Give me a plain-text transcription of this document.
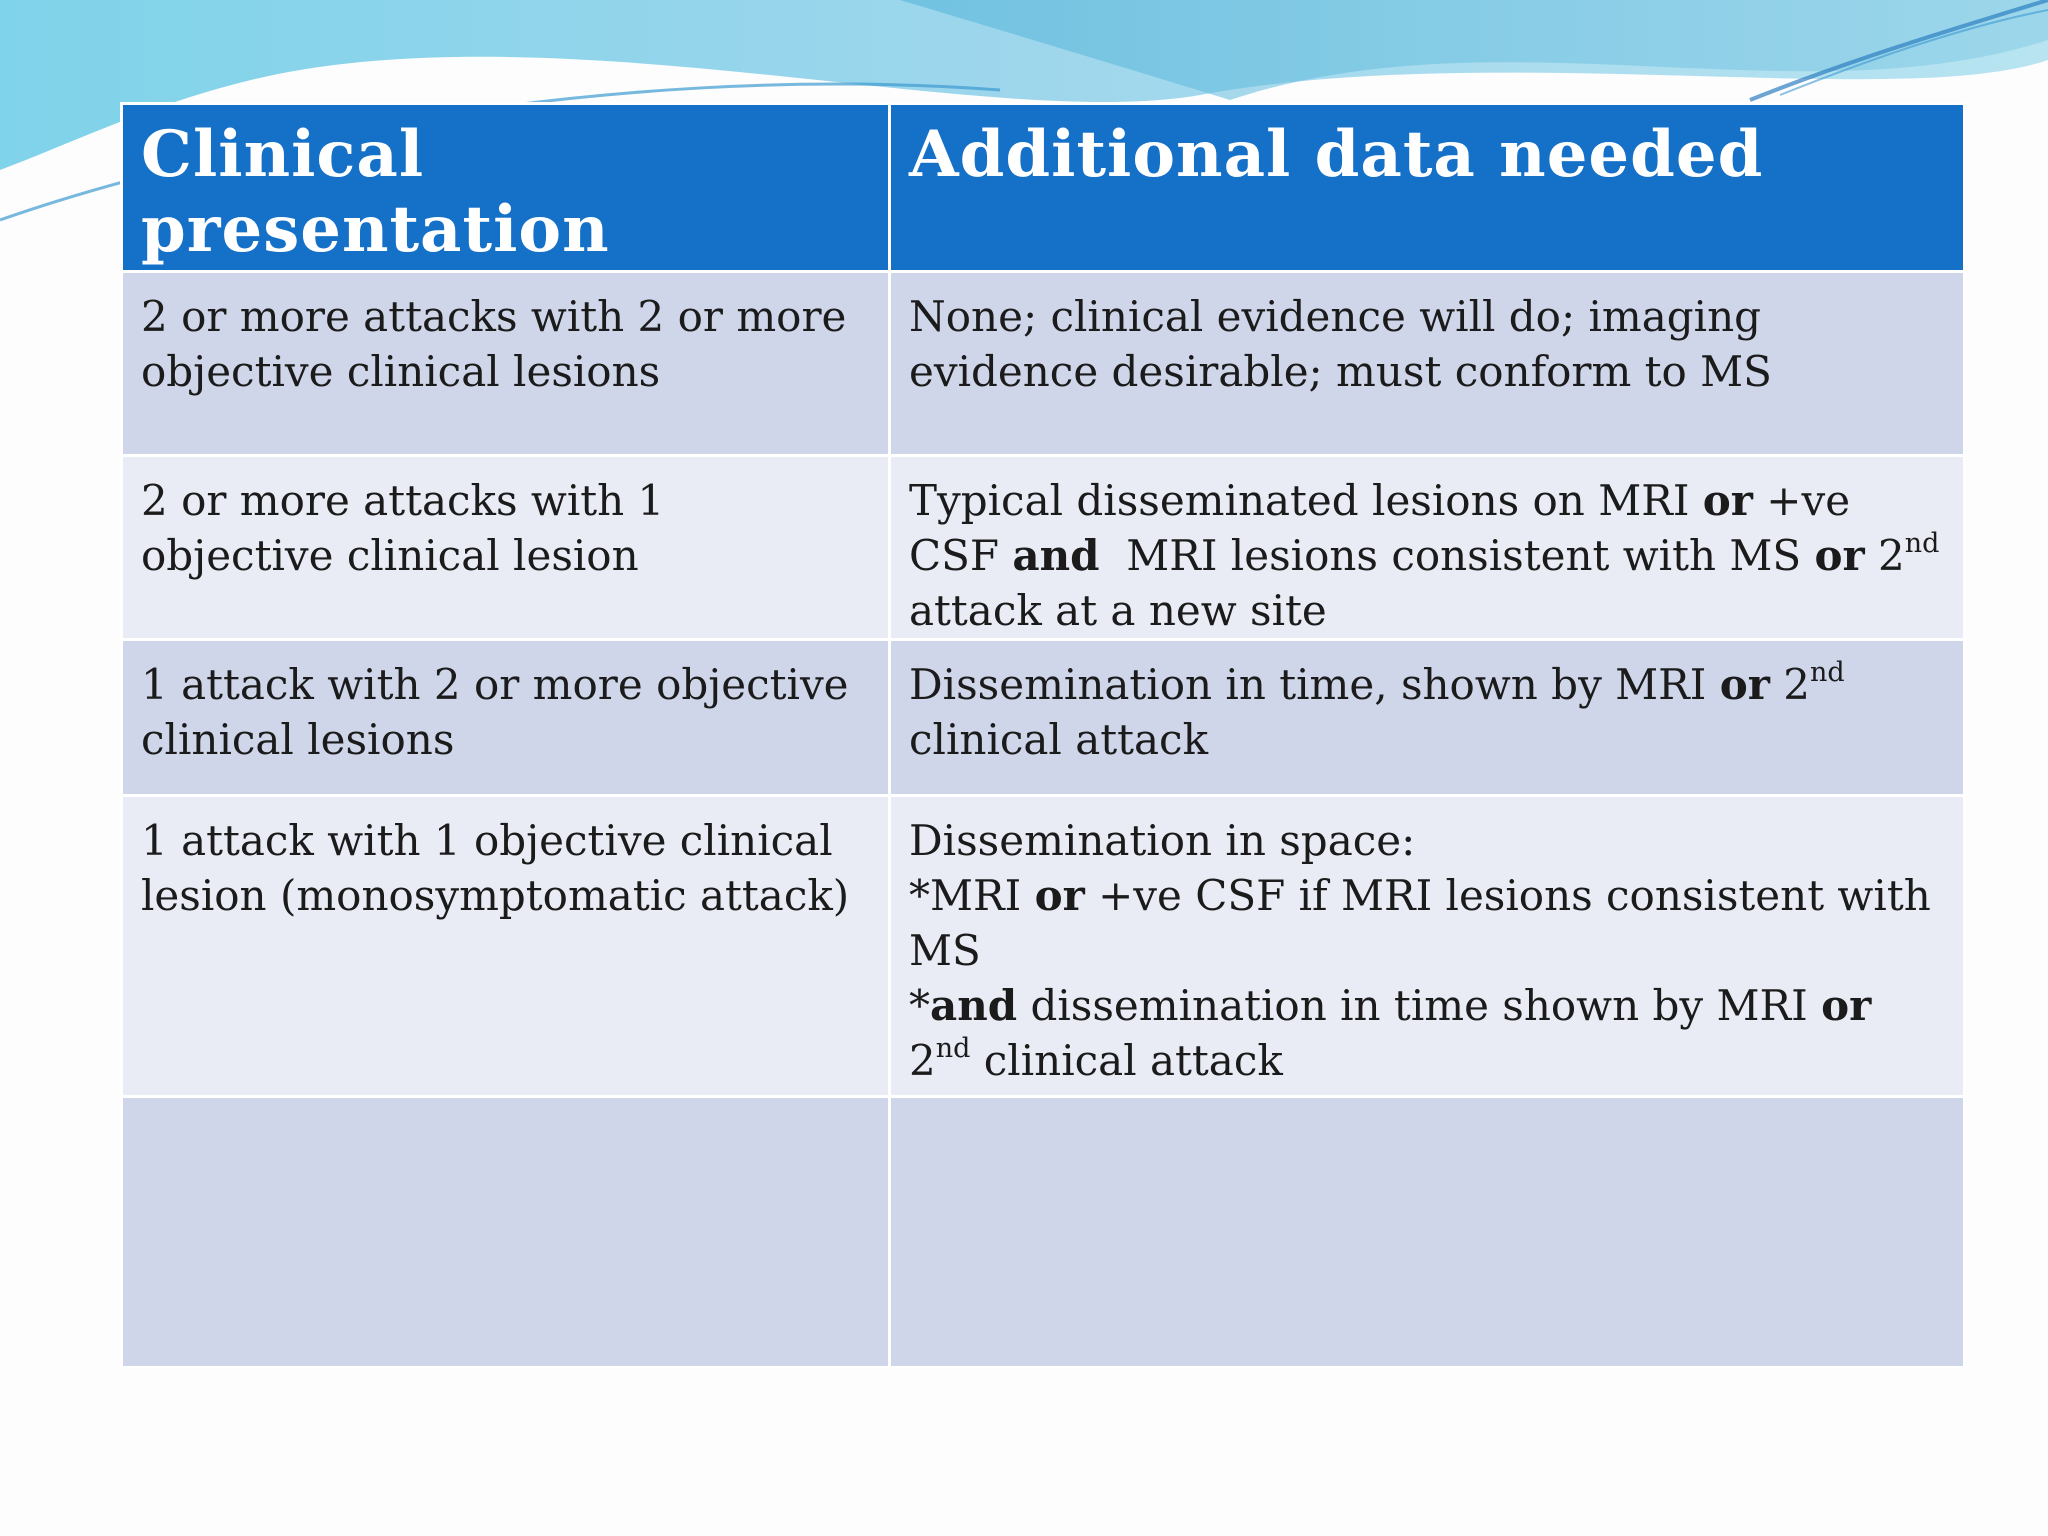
Clinical presentation	Additional data needed
2 or more attacks with 2 or more objective clinical lesions	None; clinical evidence will do; imaging evidence desirable; must conform to MS
2 or more attacks with 1 objective clinical lesion	Typical disseminated lesions on MRI or +ve CSF and  MRI lesions consistent with MS or 2nd attack at a new site
1 attack with 2 or more objective clinical lesions	Dissemination in time, shown by MRI or 2nd clinical attack
1 attack with 1 objective clinical lesion (monosymptomatic attack)	Dissemination in space:
*MRI or +ve CSF if MRI lesions consistent with MS
*and dissemination in time shown by MRI or 2nd clinical attack
